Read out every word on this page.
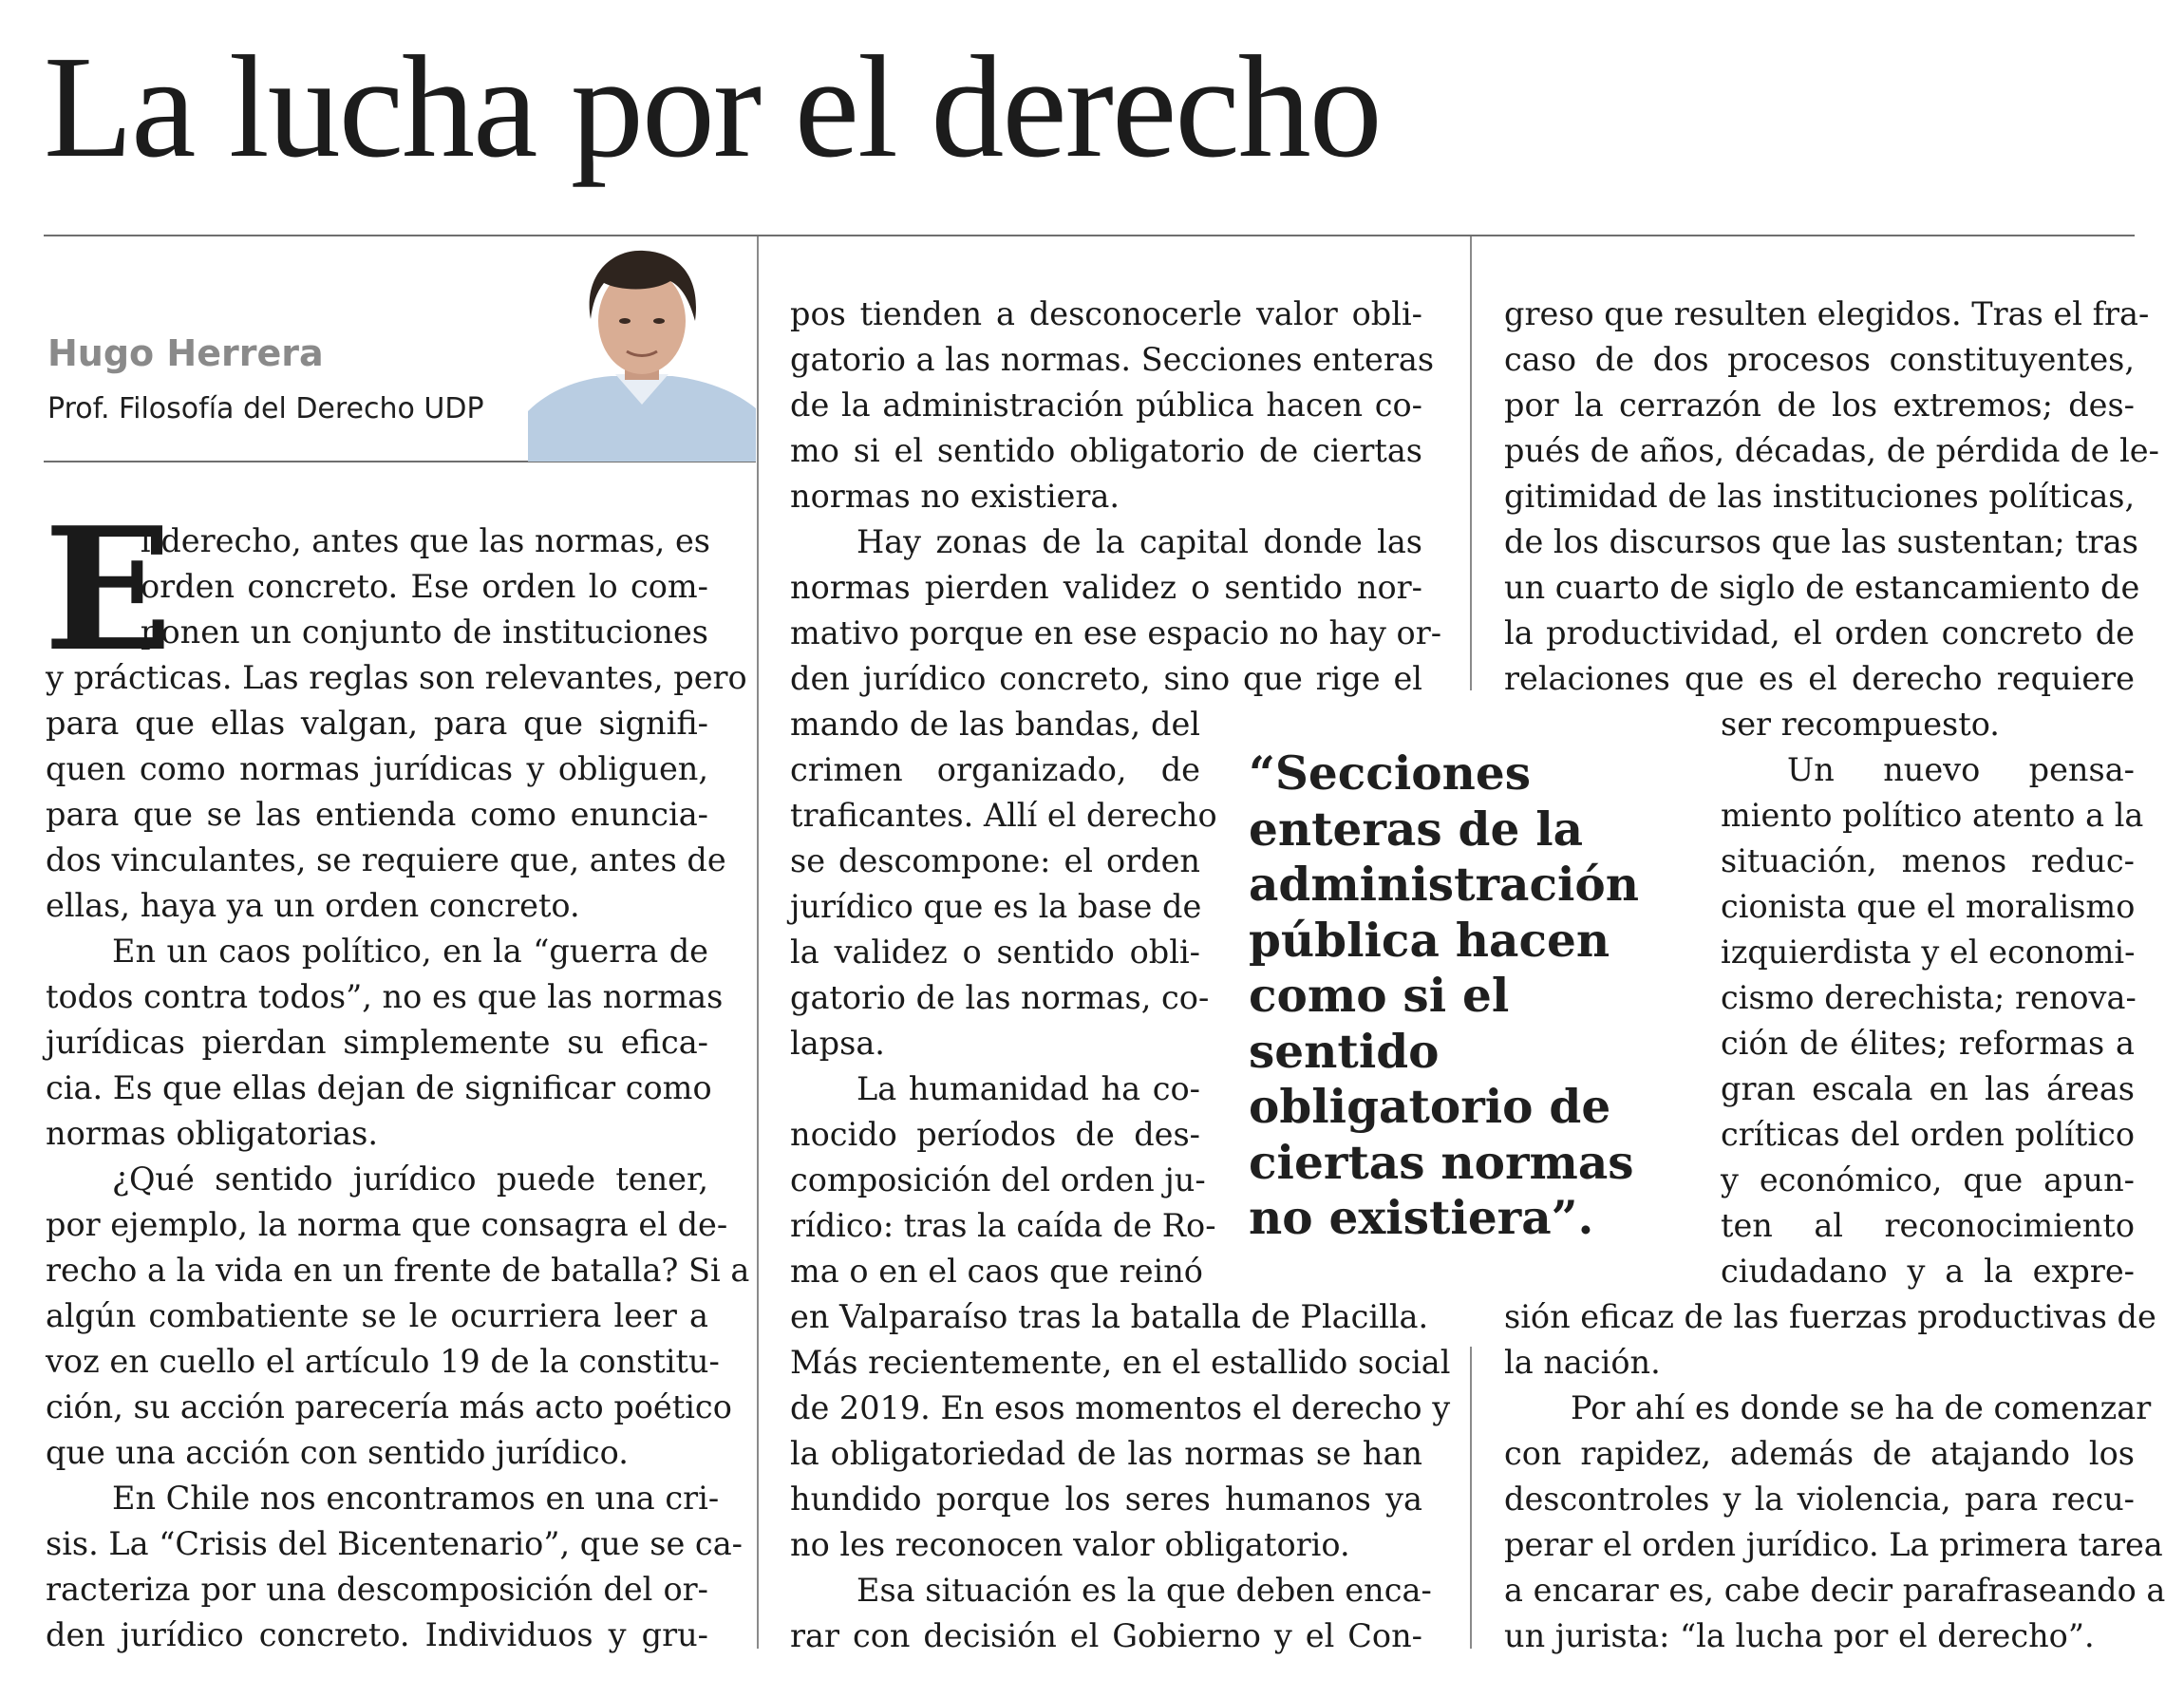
La lucha por el derecho
Hugo Herrera
Prof. Filosofía del Derecho UDP
E
l derecho, antes que las normas, es
orden concreto. Ese orden lo com-
ponen un conjunto de instituciones
y prácticas. Las reglas son relevantes, pero
para que ellas valgan, para que signifi-
quen como normas jurídicas y obliguen,
para que se las entienda como enuncia-
dos vinculantes, se requiere que, antes de
ellas, haya ya un orden concreto.
En un caos político, en la “guerra de
todos contra todos”, no es que las normas
jurídicas pierdan simplemente su efica-
cia. Es que ellas dejan de significar como
normas obligatorias.
¿Qué sentido jurídico puede tener,
por ejemplo, la norma que consagra el de-
recho a la vida en un frente de batalla? Si a
algún combatiente se le ocurriera leer a
voz en cuello el artículo 19 de la constitu-
ción, su acción parecería más acto poético
que una acción con sentido jurídico.
En Chile nos encontramos en una cri-
sis. La “Crisis del Bicentenario”, que se ca-
racteriza por una descomposición del or-
den jurídico concreto. Individuos y gru-
pos tienden a desconocerle valor obli-
gatorio a las normas. Secciones enteras
de la administración pública hacen co-
mo si el sentido obligatorio de ciertas
normas no existiera.
Hay zonas de la capital donde las
normas pierden validez o sentido nor-
mativo porque en ese espacio no hay or-
den jurídico concreto, sino que rige el
mando de las bandas, del
crimen organizado, de
traficantes. Allí el derecho
se descompone: el orden
jurídico que es la base de
la validez o sentido obli-
gatorio de las normas, co-
lapsa.
La humanidad ha co-
nocido períodos de des-
composición del orden ju-
rídico: tras la caída de Ro-
ma o en el caos que reinó
en Valparaíso tras la batalla de Placilla.
Más recientemente, en el estallido social
de 2019. En esos momentos el derecho y
la obligatoriedad de las normas se han
hundido porque los seres humanos ya
no les reconocen valor obligatorio.
Esa situación es la que deben enca-
rar con decisión el Gobierno y el Con-
greso que resulten elegidos. Tras el fra-
caso de dos procesos constituyentes,
por la cerrazón de los extremos; des-
pués de años, décadas, de pérdida de le-
gitimidad de las instituciones políticas,
de los discursos que las sustentan; tras
un cuarto de siglo de estancamiento de
la productividad, el orden concreto de
relaciones que es el derecho requiere
ser recompuesto.
Un nuevo pensa-
miento político atento a la
situación, menos reduc-
cionista que el moralismo
izquierdista y el economi-
cismo derechista; renova-
ción de élites; reformas a
gran escala en las áreas
críticas del orden político
y económico, que apun-
ten al reconocimiento
ciudadano y a la expre-
sión eficaz de las fuerzas productivas de
la nación.
Por ahí es donde se ha de comenzar
con rapidez, además de atajando los
descontroles y la violencia, para recu-
perar el orden jurídico. La primera tarea
a encarar es, cabe decir parafraseando a
un jurista: “la lucha por el derecho”.
“Secciones
enteras de la
administración
pública hacen
como si el
sentido
obligatorio de
ciertas normas
no existiera”.
